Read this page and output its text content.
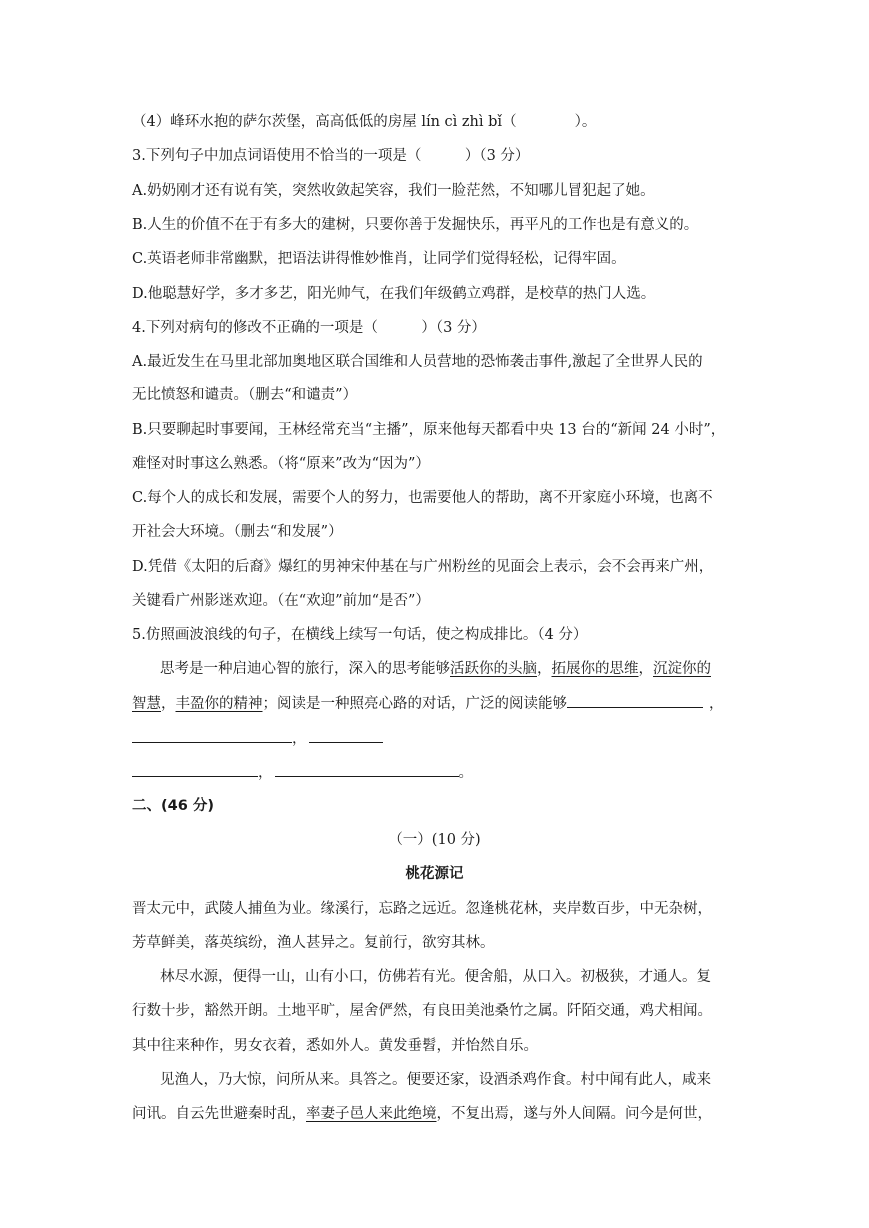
（4）峰环水抱的萨尔茨堡，高高低低的房屋 lín cì zhì bǐ（　　　　）。
3.下列句子中加点词语使用不恰当的一项是（　　　）（3 分）
A.奶奶刚才还有说有笑，突然收敛起笑容，我们一脸茫然，不知哪儿冒犯起了她。
B.人生的价值不在于有多大的建树，只要你善于发掘快乐，再平凡的工作也是有意义的。
C.英语老师非常幽默，把语法讲得惟妙惟肖，让同学们觉得轻松，记得牢固。
D.他聪慧好学，多才多艺，阳光帅气，在我们年级鹤立鸡群，是校草的热门人选。
4.下列对病句的修改不正确的一项是（　　　）（3 分）
A.最近发生在马里北部加奥地区联合国维和人员营地的恐怖袭击事件,激起了全世界人民的
无比愤怒和谴责。（删去“和谴责”）
B.只要聊起时事要闻，王林经常充当“主播”，原来他每天都看中央 13 台的“新闻 24 小时”，
难怪对时事这么熟悉。（将“原来”改为“因为”）
C.每个人的成长和发展，需要个人的努力，也需要他人的帮助，离不开家庭小环境，也离不
开社会大环境。（删去“和发展”）
D.凭借《太阳的后裔》爆红的男神宋仲基在与广州粉丝的见面会上表示，会不会再来广州，
关键看广州影迷欢迎。（在“欢迎”前加“是否”）
5.仿照画波浪线的句子，在横线上续写一句话，使之构成排比。（4 分）
思考是一种启迪心智的旅行，深入的思考能够活跃你的头脑，拓展你的思维，沉淀你的
智慧，丰盈你的精神；阅读是一种照亮心路的对话，广泛的阅读能够	，
，
，	。
二、(46 分)
（一）(10 分)
桃花源记
晋太元中，武陵人捕鱼为业。缘溪行，忘路之远近。忽逢桃花林，夹岸数百步，中无杂树，
芳草鲜美，落英缤纷，渔人甚异之。复前行，欲穷其林。
林尽水源，便得一山，山有小口，仿佛若有光。便舍船，从口入。初极狭，才通人。复
行数十步，豁然开朗。土地平旷，屋舍俨然，有良田美池桑竹之属。阡陌交通，鸡犬相闻。
其中往来种作，男女衣着，悉如外人。黄发垂髫，并怡然自乐。
见渔人，乃大惊，问所从来。具答之。便要还家，设酒杀鸡作食。村中闻有此人，咸来
问讯。自云先世避秦时乱，率妻子邑人来此绝境，不复出焉，遂与外人间隔。问今是何世，
